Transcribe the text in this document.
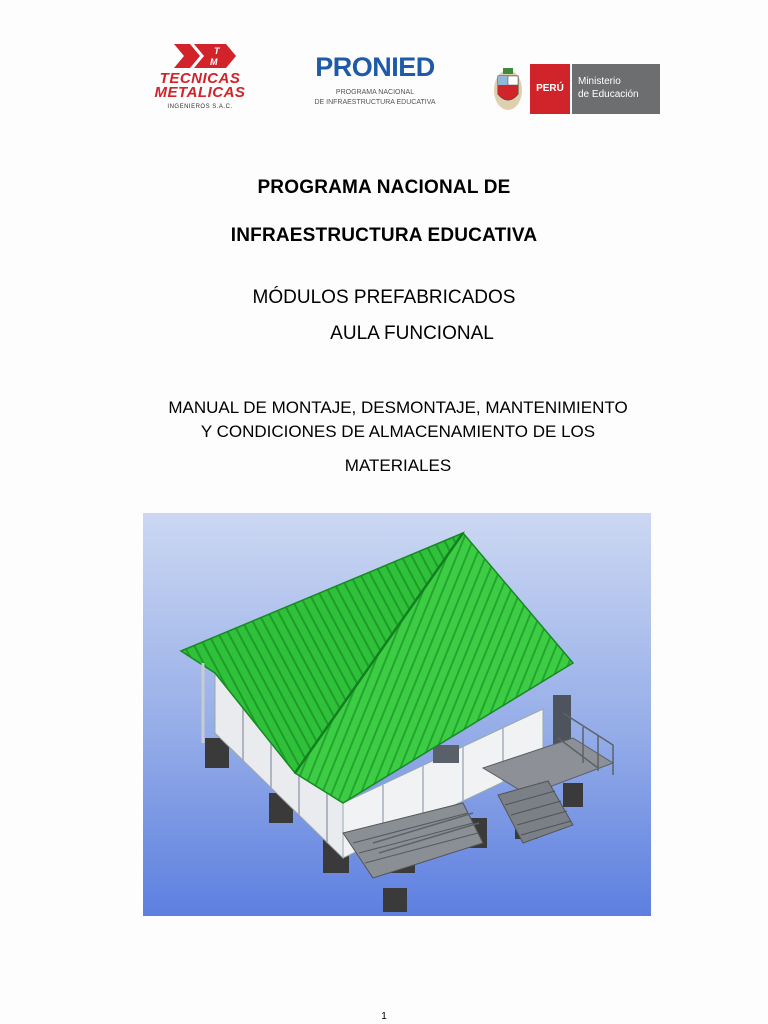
T
M
TECNICAS
METALICAS
INGENIEROS S.A.C.
PRONIED
PROGRAMA NACIONAL
DE INFRAESTRUCTURA EDUCATIVA
PERÚ
Ministerio
de Educación
PROGRAMA NACIONAL DE
INFRAESTRUCTURA EDUCATIVA
MÓDULOS PREFABRICADOS
AULA FUNCIONAL
MANUAL DE MONTAJE, DESMONTAJE, MANTENIMIENTO
Y CONDICIONES DE ALMACENAMIENTO DE LOS
MATERIALES
1
